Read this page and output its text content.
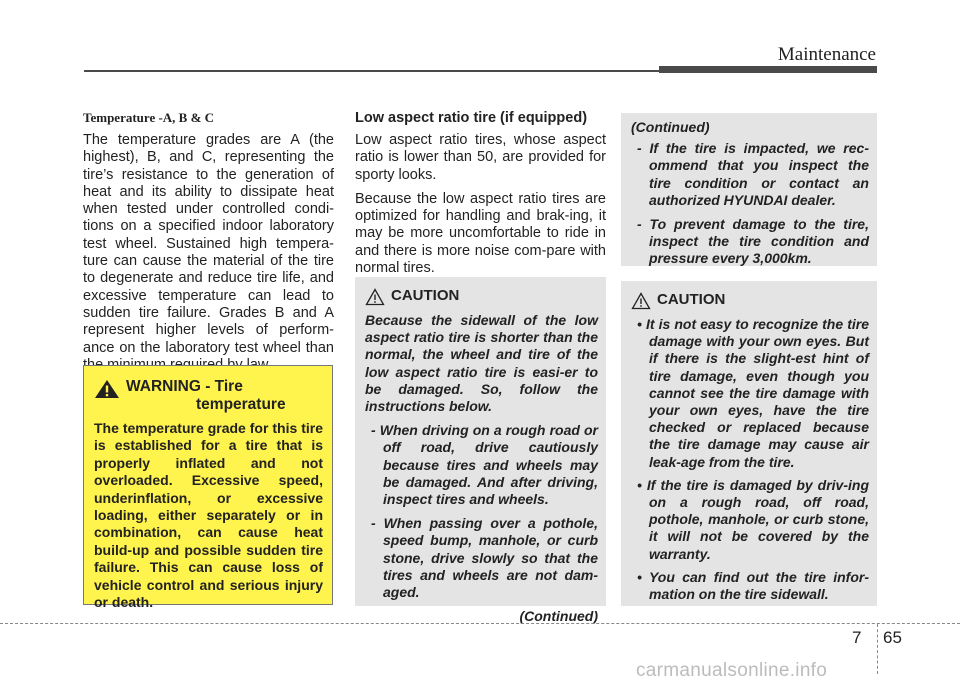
Maintenance

Temperature -A, B & C

The temperature grades are A (the highest), B, and C, representing the tire’s resistance to the generation of heat and its ability to dissipate heat when tested under controlled condi-tions on a specified indoor laboratory test wheel. Sustained high tempera-ture can cause the material of the tire to degenerate and reduce tire life, and excessive temperature can lead to sudden tire failure. Grades B and A represent higher levels of perform-ance on the laboratory test wheel than

WARNING - Tire
temperature

The temperature grade for this tire is established for a tire that is properly inflated and not overloaded. Excessive speed, underinflation, or excessive loading, either separately or in combination, can cause heat build-up and possible sudden tire failure. This can cause loss of vehicle control and serious injury or death.

Low aspect ratio tire (if equipped)

Low aspect ratio tires, whose aspect ratio is lower than 50, are provided for sporty looks.

Because the low aspect ratio tires are optimized for handling and brak-ing, it may be more uncomfortable to ride in and there is more noise com-pare with normal tires.

CAUTION

Because the sidewall of the low aspect ratio tire is shorter than the normal, the wheel and tire of the low aspect ratio tire is easi-er to be damaged. So, follow the instructions below.

- When driving on a rough road or off road, drive cautiously because tires and wheels may be damaged. And after driving, inspect tires and wheels.

- When passing over a pothole, speed bump, manhole, or curb stone, drive slowly so that the tires and wheels are not dam-aged.

(Continued)

(Continued)

- If the tire is impacted, we rec-ommend that you inspect the tire condition or contact an authorized HYUNDAI dealer.

- To prevent damage to the tire, inspect the tire condition and pressure every 3,000km.

CAUTION

• It is not easy to recognize the tire damage with your own eyes. But if there is the slight-est hint of tire damage, even though you cannot see the tire damage with your own eyes, have the tire checked or replaced because the tire damage may cause air leak-age from the tire.

• If the tire is damaged by driv-ing on a rough road, off road, pothole, manhole, or curb stone, it will not be covered by the warranty.

• You can find out the tire infor-mation on the tire sidewall.

7 65
carmanualsonline.info
